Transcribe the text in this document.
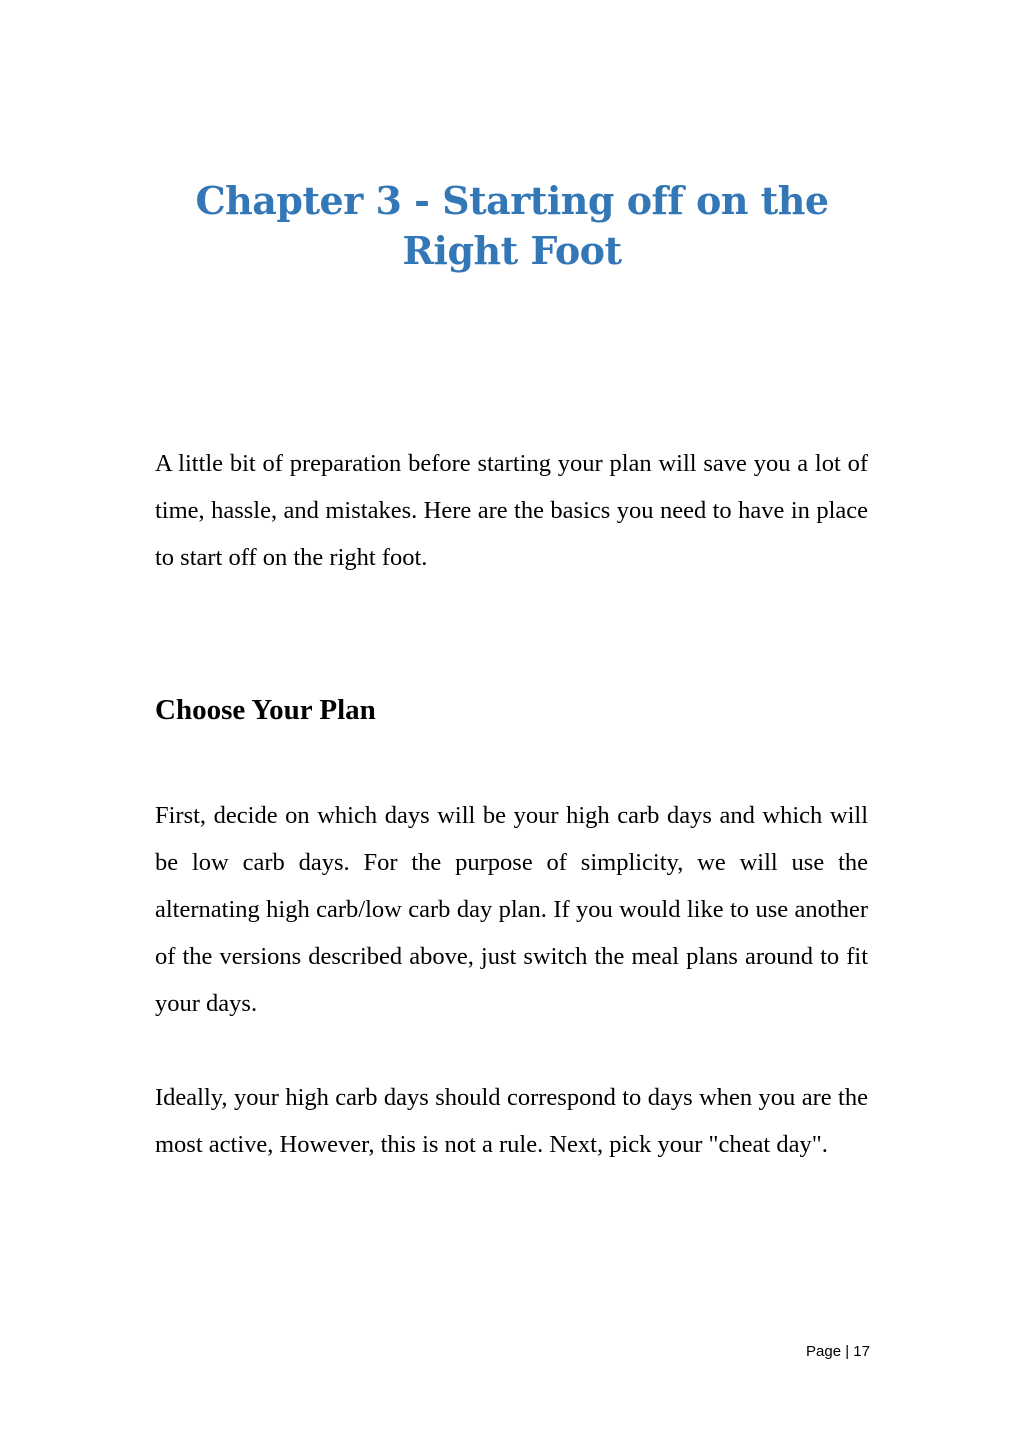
Chapter 3 - Starting off on the Right Foot

A little bit of preparation before starting your plan will save you a lot of time, hassle, and mistakes. Here are the basics you need to have in place to start off on the right foot.

Choose Your Plan

First, decide on which days will be your high carb days and which will be low carb days. For the purpose of simplicity, we will use the alternating high carb/low carb day plan. If you would like to use another of the versions described above, just switch the meal plans around to fit your days.

Ideally, your high carb days should correspond to days when you are the most active, However, this is not a rule. Next, pick your "cheat day".

Page | 17
